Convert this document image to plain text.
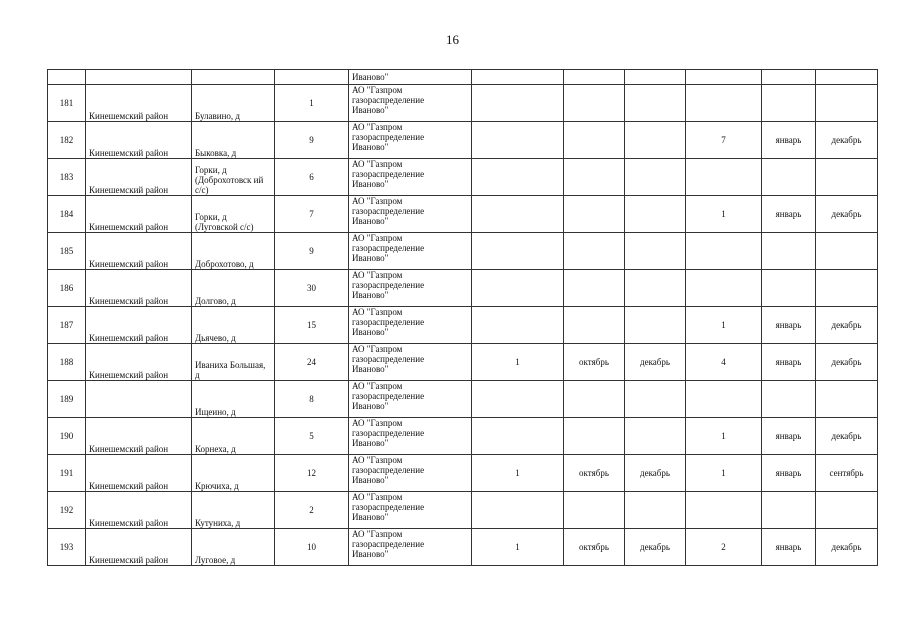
16
				Иваново"						
181	Кинешемский район	Булавино, д	1	АО "Газпром
газораспределение
Иваново"						

182	Кинешемский район	Быковка, д	9	АО "Газпром
газораспределение
Иваново"				7	январь	декабрь
183	Кинешемский район	Горки, д (Доброхотовск ий с/с)	6	АО "Газпром
газораспределение
Иваново"						

184	Кинешемский район	Горки, д (Луговской с/с)	7	АО "Газпром
газораспределение
Иваново"				1	январь	декабрь
185	Кинешемский район	Доброхотово, д	9	АО "Газпром
газораспределение
Иваново"						

186	Кинешемский район	Долгово, д	30	АО "Газпром
газораспределение
Иваново"						

187	Кинешемский район	Дьячево, д	15	АО "Газпром
газораспределение
Иваново"				1	январь	декабрь
188	Кинешемский район	Иваниха Большая, д	24	АО "Газпром
газораспределение
Иваново"	1	октябрь	декабрь	4	январь	декабрь
189		Ищеино, д	8	АО "Газпром
газораспределение
Иваново"						

190	Кинешемский район	Корнеха, д	5	АО "Газпром
газораспределение
Иваново"				1	январь	декабрь
191	Кинешемский район	Крючиха, д	12	АО "Газпром
газораспределение
Иваново"	1	октябрь	декабрь	1	январь	сентябрь
192	Кинешемский район	Кутуниха, д	2	АО "Газпром
газораспределение
Иваново"						

193	Кинешемский район	Луговое, д	10	АО "Газпром
газораспределение
Иваново"	1	октябрь	декабрь	2	январь	декабрь
